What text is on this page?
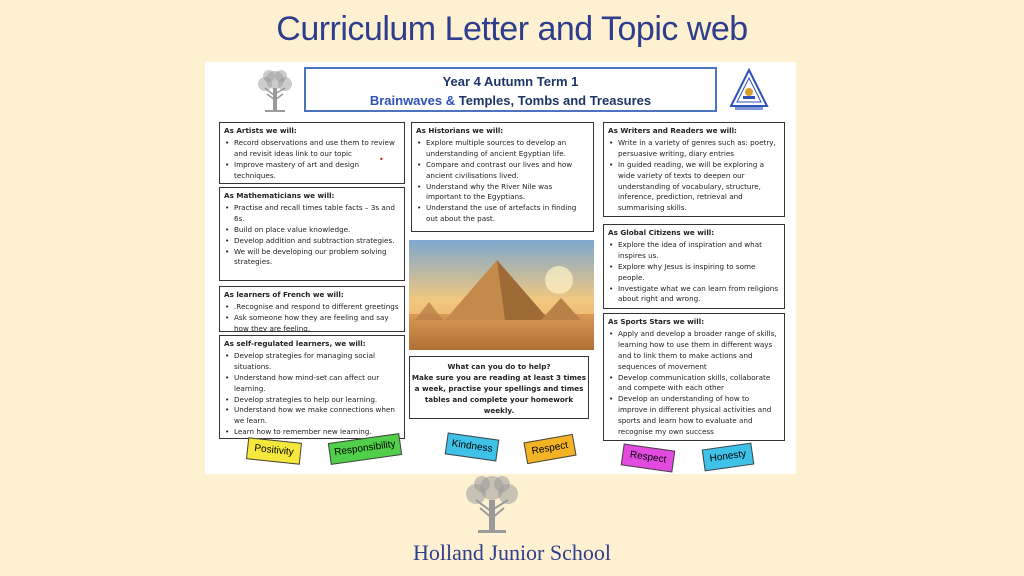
Curriculum Letter and Topic web
Year 4 Autumn Term 1
Brainwaves & Temples, Tombs and Treasures
As Artists we will:
• Record observations and use them to review and revisit ideas link to our topic
• Improve mastery of art and design techniques.
•
As Mathematicians we will:
• Practise and recall times table facts – 3s and 6s.
• Build on place value knowledge.
• Develop addition and subtraction strategies.
• We will be developing our problem solving strategies.
As learners of French we will:
• .Recognise and respond to different greetings
• Ask someone how they are feeling and say how they are feeling.
As self-regulated learners, we will:
• Develop strategies for managing social situations.
• Understand how mind-set can affect our learning.
• Develop strategies to help our learning.
• Understand how we make connections when we learn.
• Learn how to remember new learning.
As Historians we will:
• Explore multiple sources to develop an understanding of ancient Egyptian life.
• Compare and contrast our lives and how ancient civilisations lived.
• Understand why the River Nile was important to the Egyptians.
• Understand the use of artefacts in finding out about the past.
What can you do to help?
Make sure you are reading at least 3 times a week, practise your spellings and times tables and complete your homework weekly.
As Writers and Readers we will:
• Write in a variety of genres such as: poetry, persuasive writing, diary entries
• In guided reading, we will be exploring a wide variety of texts to deepen our understanding of vocabulary, structure, inference, prediction, retrieval and summarising skills.
As Global Citizens we will:
• Explore the idea of inspiration and what inspires us.
• Explore why Jesus is inspiring to some people.
• Investigate what we can learn from religions about right and wrong.
As Sports Stars we will:
• Apply and develop a broader range of skills, learning how to use them in different ways and to link them to make actions and sequences of movement
• Develop communication skills, collaborate and compete with each other
• Develop an understanding of how to improve in different physical activities and sports and learn how to evaluate and recognise my own success
Positivity	Responsibility	Kindness	Respect
Respect	Honesty
Holland Junior School
